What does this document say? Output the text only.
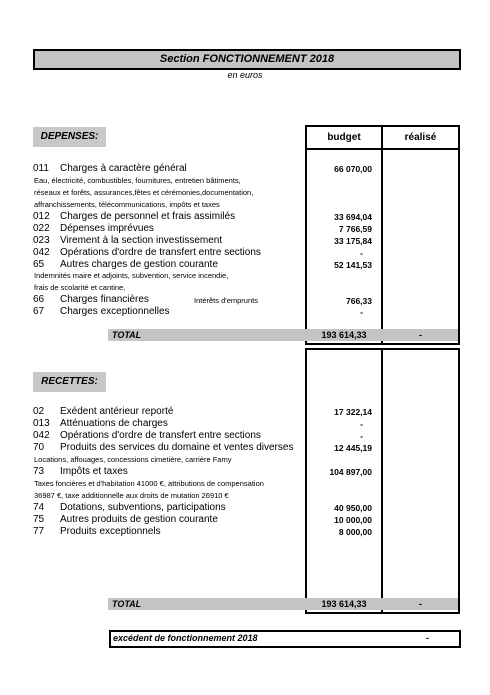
Section FONCTIONNEMENT 2018
en euros
DEPENSES:	budget	réalisé
011	Charges à caractère général	66 070,00
Eau, électricité, combustibles, fournitures, entretien bâtiments,
réseaux et forêts, assurances,fêtes et cérémonies,documentation,
affranchissements, télécommunications, impôts et taxes
012	Charges de personnel et frais assimilés	33 694,04
022	Dépenses imprévues	7 766,59
023	Virement à la section investissement	33 175,84
042	Opérations d'ordre de transfert entre sections	-
65	Autres charges de gestion courante	52 141,53
Indemnités maire et adjoints, subvention, service incendie,
frais de scolarité et cantine,
66	Charges financières	Intérêts d'emprunts	766,33
67	Charges exceptionnelles	-
TOTAL	193 614,33	-
RECETTES:
02	Exédent antérieur reporté	17 322,14
013	Atténuations de charges	-
042	Opérations d'ordre de transfert entre sections	-
70	Produits des services du domaine et ventes diverses	12 445,19
Locations, affouages, concessions cimetière, carrière Famy
73	Impôts et taxes	104 897,00
Taxes foncières et d'habitation 41000 €, attributions de compensation
36987 €, taxe additionnelle aux droits de mutation 26910 €
74	Dotations, subventions, participations	40 950,00
75	Autres produits de gestion courante	10 000,00
77	Produits exceptionnels	8 000,00
TOTAL	193 614,33	-
excédent de fonctionnement 2018	-
